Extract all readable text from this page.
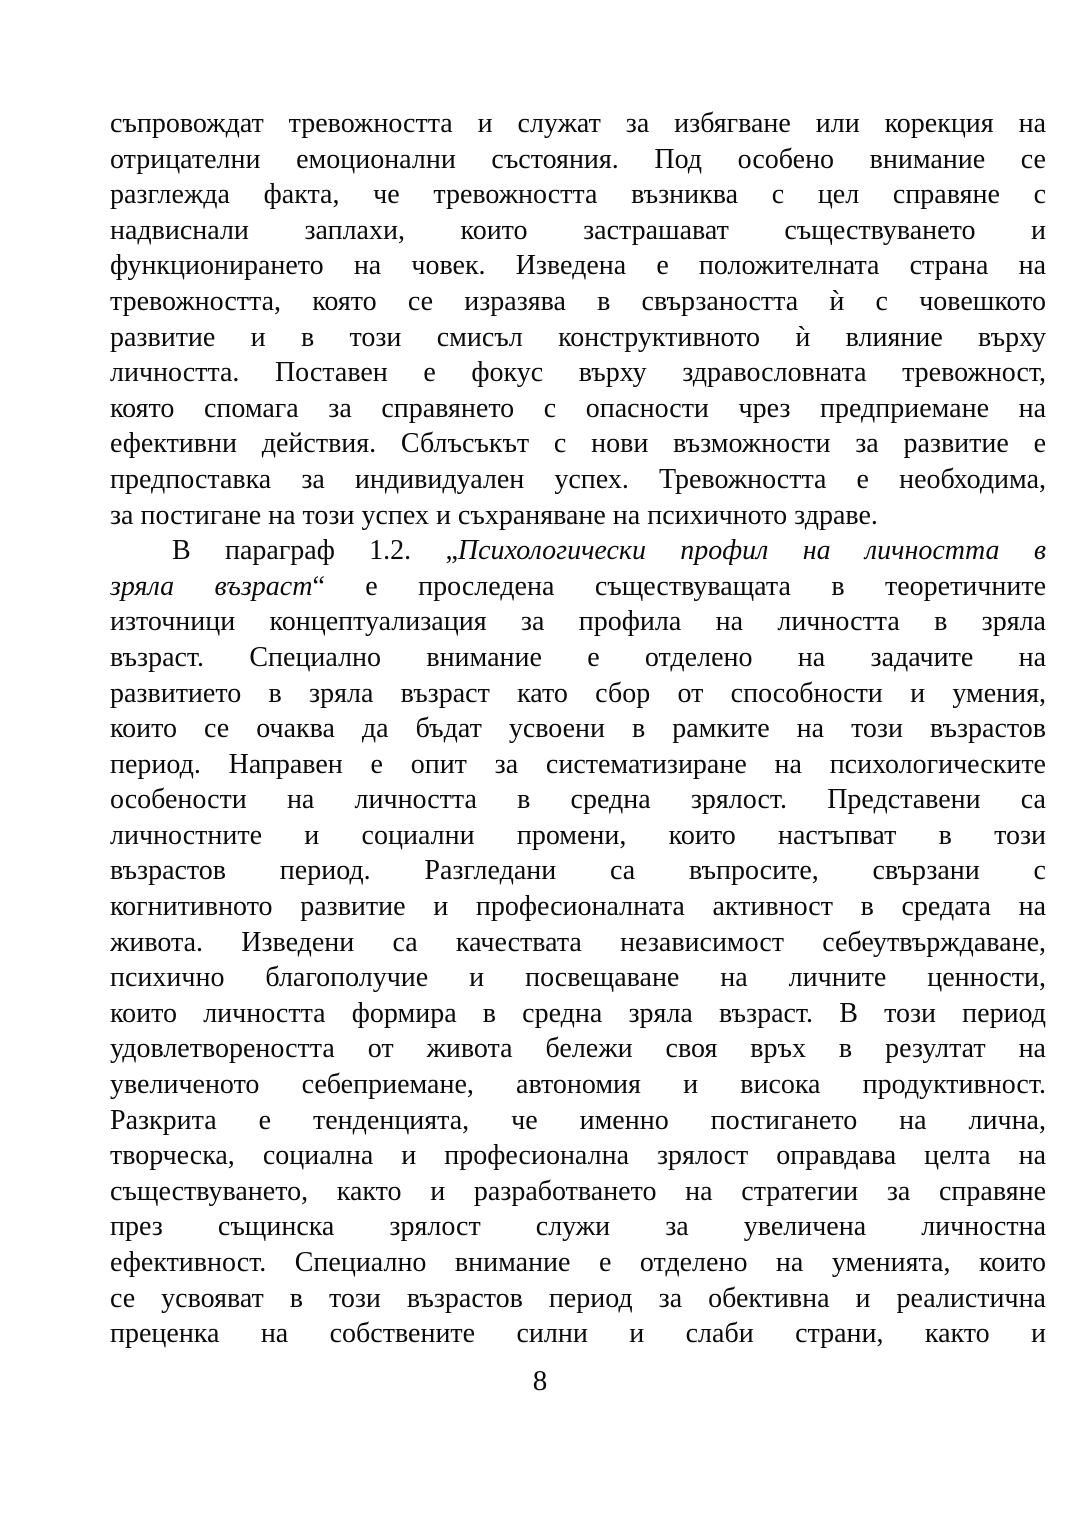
съпровождат тревожността и служат за избягване или корекция на
отрицателни емоционални състояния. Под особено внимание се
разглежда факта, че тревожността възниква с цел справяне с
надвиснали заплахи, които застрашават съществуването и
функционирането на човек. Изведена е положителната страна на
тревожността, която се изразява в свързаността ѝ с човешкото
развитие и в този смисъл конструктивното ѝ влияние върху
личността. Поставен е фокус върху здравословната тревожност,
която спомага за справянето с опасности чрез предприемане на
ефективни действия. Сблъсъкът с нови възможности за развитие е
предпоставка за индивидуален успех. Тревожността е необходима,
за постигане на този успех и съхраняване на психичното здраве.
В параграф 1.2. „Психологически профил на личността в
зряла възраст“ е проследена съществуващата в теоретичните
източници концептуализация за профила на личността в зряла
възраст. Специално внимание е отделено на задачите на
развитието в зряла възраст като сбор от способности и умения,
които се очаква да бъдат усвоени в рамките на този възрастов
период. Направен е опит за систематизиране на психологическите
особености на личността в средна зрялост. Представени са
личностните и социални промени, които настъпват в този
възрастов период. Разгледани са въпросите, свързани с
когнитивното развитие и професионалната активност в средата на
живота. Изведени са качествата независимост себеутвърждаване,
психично благополучие и посвещаване на личните ценности,
които личността формира в средна зряла възраст. В този период
удовлетвореността от живота бележи своя връх в резултат на
увеличеното себеприемане, автономия и висока продуктивност.
Разкрита е тенденцията, че именно постигането на лична,
творческа, социална и професионална зрялост оправдава целта на
съществуването, както и разработването на стратегии за справяне
през същинска зрялост служи за увеличена личностна
ефективност. Специално внимание е отделено на уменията, които
се усвояват в този възрастов период за обективна и реалистична
преценка на собствените силни и слаби страни, както и
8
